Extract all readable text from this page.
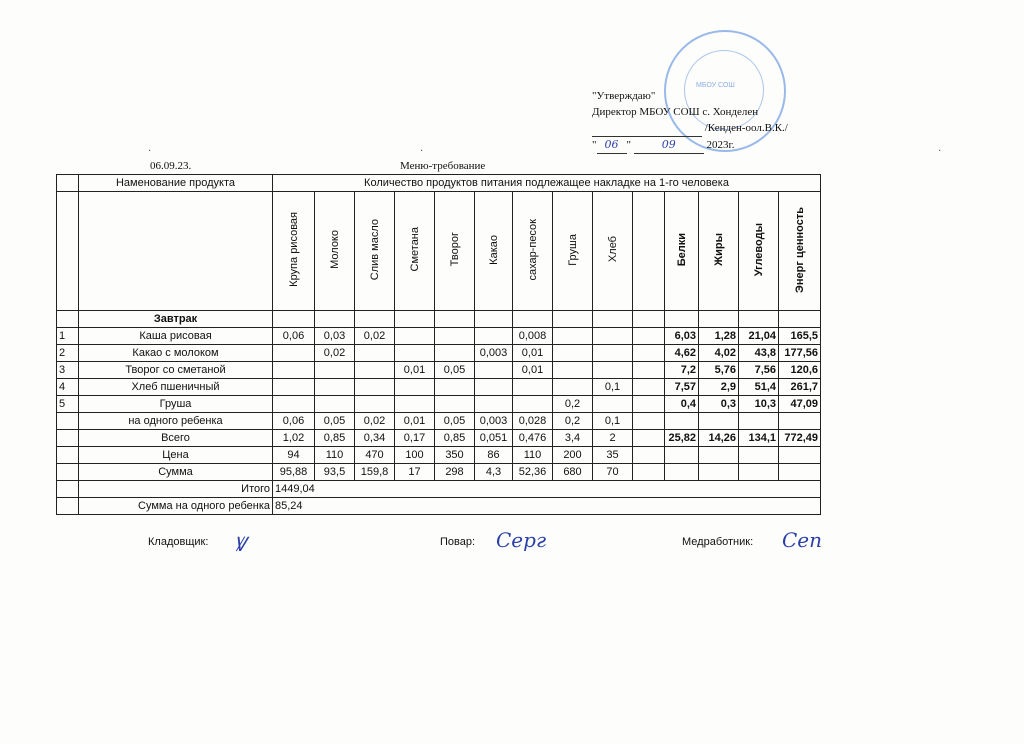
МБОУ СОШ
"Утверждаю"
Директор МБОУ СОШ с. Хонделен
/Кенден-оол.В.К./
" 06 "	09	2023г.
·	·	·
06.09.23.	Меню-требование
	Наменование продукта	Количество продуктов питания подлежащее накладке на 1-го человека													
		Крупа рисовая	Молоко	Слив масло	Сметана	Творог	Какао	сахар-песок	Груша	Хлеб		Белки	Жиры	Углеводы	Энерг ценность
	Завтрак														
1	Каша рисовая	0,06	0,03	0,02				0,008				6,03	1,28	21,04	165,5
2	Какао с молоком		0,02				0,003	0,01				4,62	4,02	43,8	177,56
3	Творог со сметаной				0,01	0,05		0,01				7,2	5,76	7,56	120,6
4	Хлеб пшеничный									0,1		7,57	2,9	51,4	261,7
5	Груша								0,2			0,4	0,3	10,3	47,09
	на одного ребенка	0,06	0,05	0,02	0,01	0,05	0,003	0,028	0,2	0,1					
	Всего	1,02	0,85	0,34	0,17	0,85	0,051	0,476	3,4	2		25,82	14,26	134,1	772,49
	Цена	94	110	470	100	350	86	110	200	35					
	Сумма	95,88	93,5	159,8	17	298	4,3	52,36	680	70					
	Итого	1449,04													
	Сумма на одного ребенка	85,24													
Кладовщик: Ꝟ	Повар: Серг	Медработник: Сеп
